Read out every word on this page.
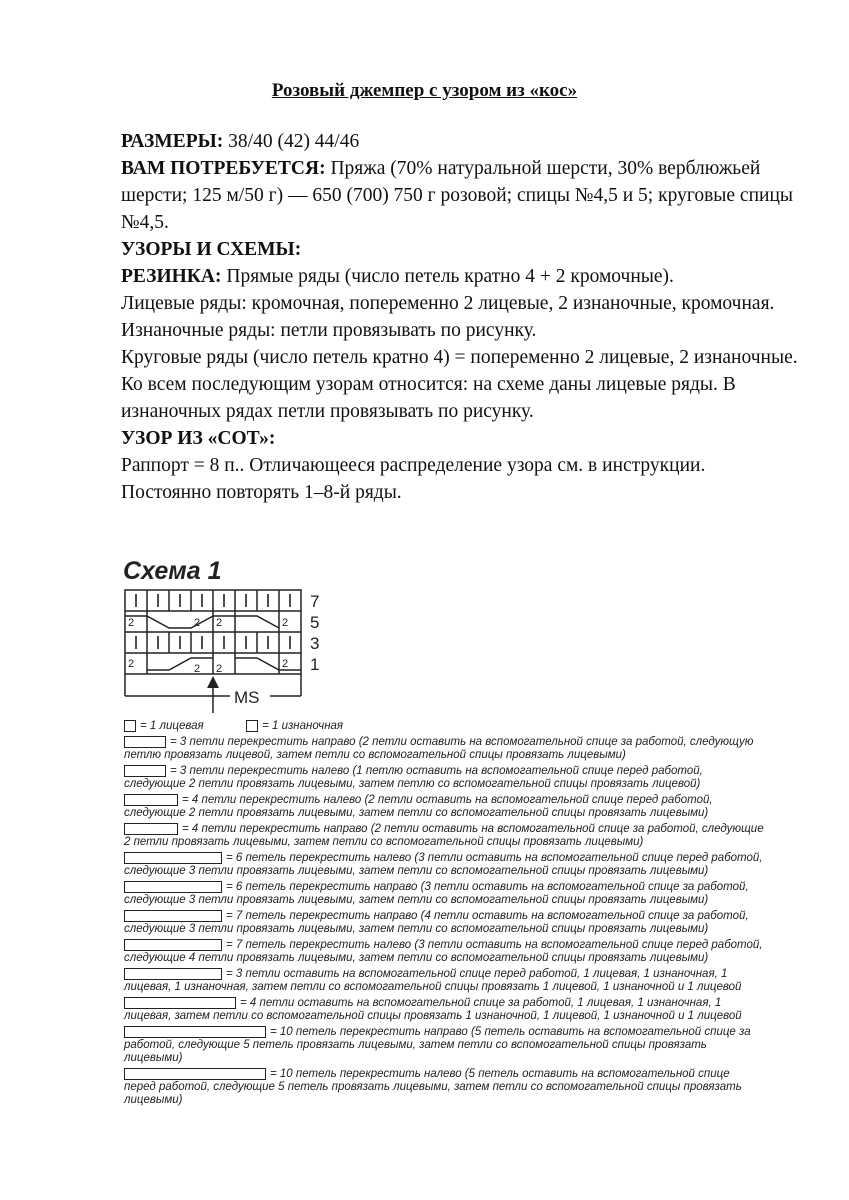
Розовый джемпер с узором из «кос»

РАЗМЕРЫ: 38/40 (42) 44/46

ВАМ ПОТРЕБУЕТСЯ: Пряжа (70% натуральной шерсти, 30% верблюжьей шерсти; 125 м/50 г) — 650 (700) 750 г розовой; спицы №4,5 и 5; круговые спицы №4,5.

УЗОРЫ И СХЕМЫ:

РЕЗИНКА: Прямые ряды (число петель кратно 4 + 2 кромочные).

Лицевые ряды: кромочная, попеременно 2 лицевые, 2 изнаночные, кромочная.

Изнаночные ряды: петли провязывать по рисунку.

Круговые ряды (число петель кратно 4) = попеременно 2 лицевые, 2 изнаночные.

Ко всем последующим узорам относится: на схеме даны лицевые ряды. В изнаночных рядах петли провязывать по рисунку.

УЗОР ИЗ «СОТ»:

Раппорт = 8 п.. Отличающееся распределение узора см. в инструкции.

Постоянно повторять 1–8-й ряды.

Схема 1
2	2 2	2
2	2 2	2
7
5
3
1
MS
= 1 лицевая	= 1 изнаночная
= 3 петли перекрестить направо (2 петли оставить на вспомогательной спице за работой, следующую петлю провязать лицевой, затем петли со вспомогательной спицы провязать лицевыми)
= 3 петли перекрестить налево (1 петлю оставить на вспомогательной спице перед работой, следующие 2 петли провязать лицевыми, затем петлю со вспомогательной спицы провязать лицевой)
= 4 петли перекрестить налево (2 петли оставить на вспомогательной спице перед работой, следующие 2 петли провязать лицевыми, затем петли со вспомогательной спицы провязать лицевыми)
= 4 петли перекрестить направо (2 петли оставить на вспомогательной спице за работой, следующие 2 петли провязать лицевыми, затем петли со вспомогательной спицы провязать лицевыми)
= 6 петель перекрестить налево (3 петли оставить на вспомогательной спице перед работой, следующие 3 петли провязать лицевыми, затем петли со вспомогательной спицы провязать лицевыми)
= 6 петель перекрестить направо (3 петли оставить на вспомогательной спице за работой, следующие 3 петли провязать лицевыми, затем петли со вспомогательной спицы провязать лицевыми)
= 7 петель перекрестить направо (4 петли оставить на вспомогательной спице за работой, следующие 3 петли провязать лицевыми, затем петли со вспомогательной спицы провязать лицевыми)
= 7 петель перекрестить налево (3 петли оставить на вспомогательной спице перед работой, следующие 4 петли провязать лицевыми, затем петли со вспомогательной спицы провязать лицевыми)
= 3 петли оставить на вспомогательной спице перед работой, 1 лицевая, 1 изнаночная, 1 лицевая, 1 изнаночная, затем петли со вспомогательной спицы провязать 1 лицевой, 1 изнаночной и 1 лицевой
= 4 петли оставить на вспомогательной спице за работой, 1 лицевая, 1 изнаночная, 1 лицевая, затем петли со вспомогательной спицы провязать 1 изнаночной, 1 лицевой, 1 изнаночной и 1 лицевой
= 10 петель перекрестить направо (5 петель оставить на вспомогательной спице за работой, следующие 5 петель провязать лицевыми, затем петли со вспомогательной спицы провязать лицевыми)
= 10 петель перекрестить налево (5 петель оставить на вспомогательной спице перед работой, следующие 5 петель провязать лицевыми, затем петли со вспомогательной спицы провязать лицевыми)
